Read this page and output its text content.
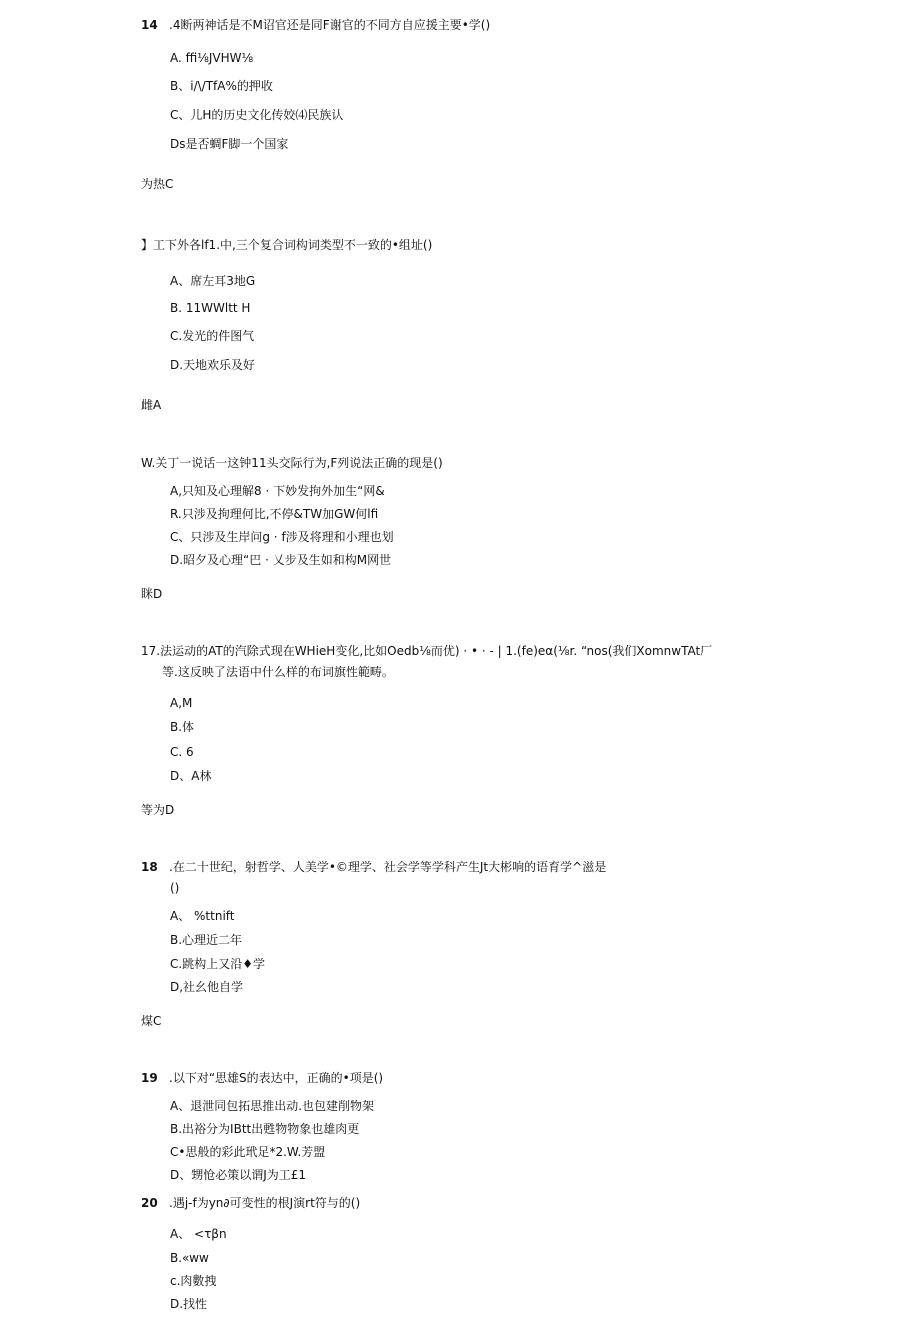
14 .4断两神话是不M诏官还是同F谢官的不同方自应援主要•学()
A. ffi⅛JVHW⅛
B、i/\/TfA%的押收
C、儿H的历史文化传姣⑷民族认
Ds是否蜩F脚一个国家
为热C
】工下外各lf1.中,三个复合词构词类型不一致的•组址()
A、席左耳3地G
B. 11WWltt H
C.发光的件图气
D.天地欢乐及好
雌A
W.关丁一说话一这钟11头交际行为,F列说法正确的现是()
A,只知及心理解8 · 下妙发拘外加生“网&
R.只涉及拘理何比,不停&TW加GW何lfi
C、只涉及生岸问g · f涉及将理和小理也划
D.昭夕及心理“巴 · 乂步及生如和构M网世
眯D
17.法运动的AT的汽除式现在WHieH变化,比如Oedb⅛而优) · • · - | 1.(fe)eα(⅛r. “nos(我们XomnwTAt厂
等.这反映了法语中什么样的布词旗性範畴。
A,M
B.体
C. 6
D、A林
等为D
18 .在二十世纪，射哲学、人美学•©理学、社会学等学科产生Jt大彬响的语育学^滋是
()
A、 %ttnift
B.心理近二年
C.跳构上又沿♦学
D,社幺他自学
煤C
19 .以下对“思雄S的表达中，正确的•项是()
A、退泄同包拓思推出动.也包建削物架
B.出裕分为IBtt出甦物物象也雄肉更
C•思般的彩此玳足*2.W.芳盟
D、甥怆必策以谓J为工£1
20 .遇j-f为yn∂可变性的根J演rt符与的()
A、 <τβn
B.«ww
c.肉數拽
D.找性
